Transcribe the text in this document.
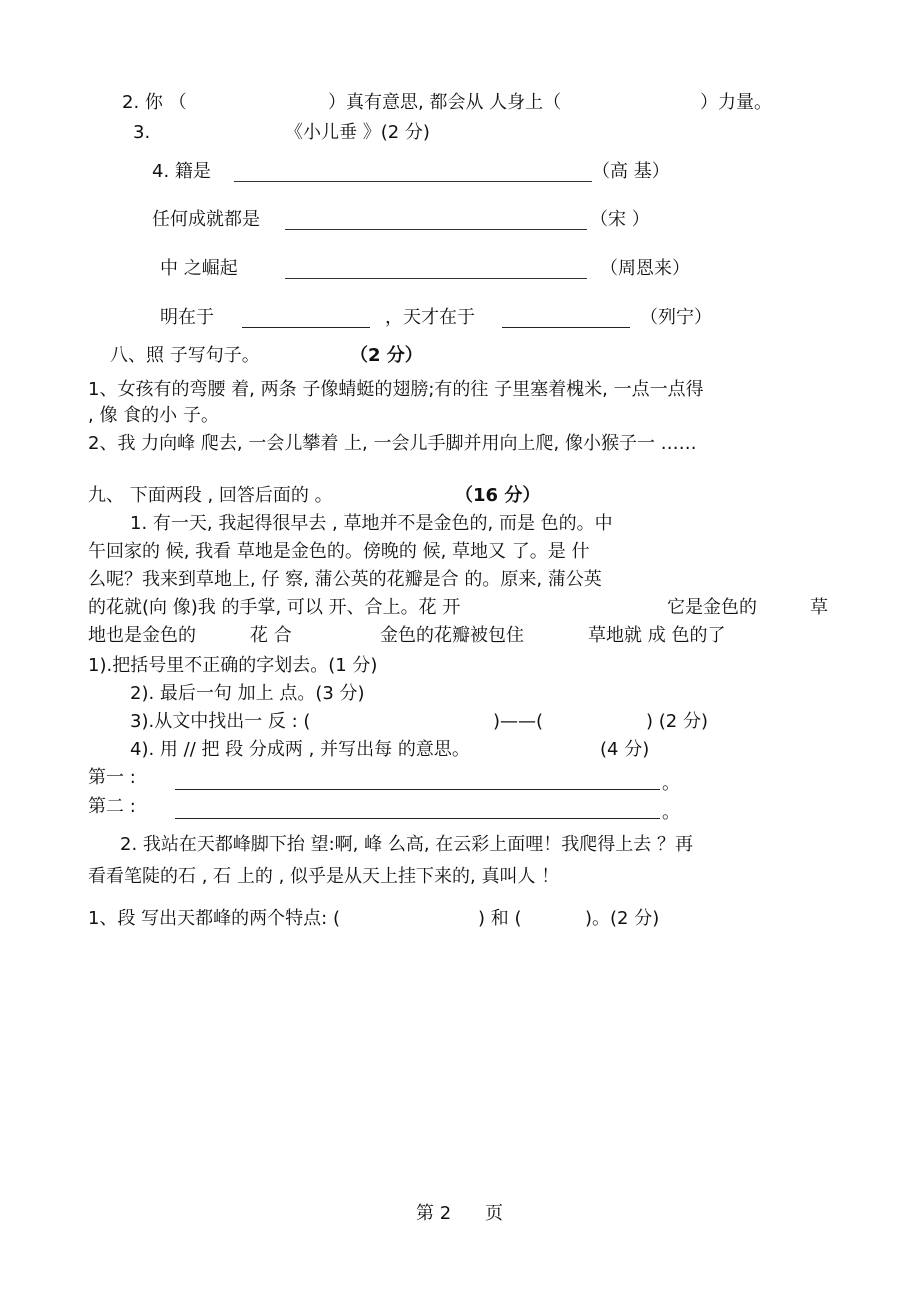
2. 你 （	）真有意思, 都会从 人身上（	）力量。
3.	《小儿垂 》(2 分)
4. 籍是	（高 基）
任何成就都是	（宋 ）
中 之崛起	（周恩来）
明在于	，天才在于	（列宁）
八、照 子写句子。	（2 分）
1、女孩有的弯腰 着, 两条 子像蜻蜓的翅膀;有的往 子里塞着槐米, 一点一点得
, 像 食的小 子。
2、我 力向峰 爬去, 一会儿攀着 上, 一会儿手脚并用向上爬, 像小猴子一 ……
九、 下面两段 , 回答后面的 。	（16 分）
1. 有一天, 我起得很早去 , 草地并不是金色的, 而是 色的。中
午回家的 候, 我看 草地是金色的。傍晚的 候, 草地又 了。是 什
么呢？我来到草地上, 仔 察, 蒲公英的花瓣是合 的。原来, 蒲公英
的花就(向 像)我 的手掌, 可以 开、合上。花 开	它是金色的	草
地也是金色的	花 合	金色的花瓣被包住	草地就 成 色的了
1).把括号里不正确的字划去。(1 分)
2). 最后一句 加上 点。(3 分)
3).从文中找出一 反 : (	)——(	) (2 分)
4). 用 // 把 段 分成两 , 并写出每 的意思。	(4 分)
第一 :	。
第二 :	。
2. 我站在天都峰脚下抬 望:啊, 峰 么高, 在云彩上面哩！我爬得上去 ？再
看看笔陡的石 , 石 上的 , 似乎是从天上挂下来的, 真叫人 ！
1、段 写出天都峰的两个特点: (	) 和 (	)。(2 分)
第 2 页
